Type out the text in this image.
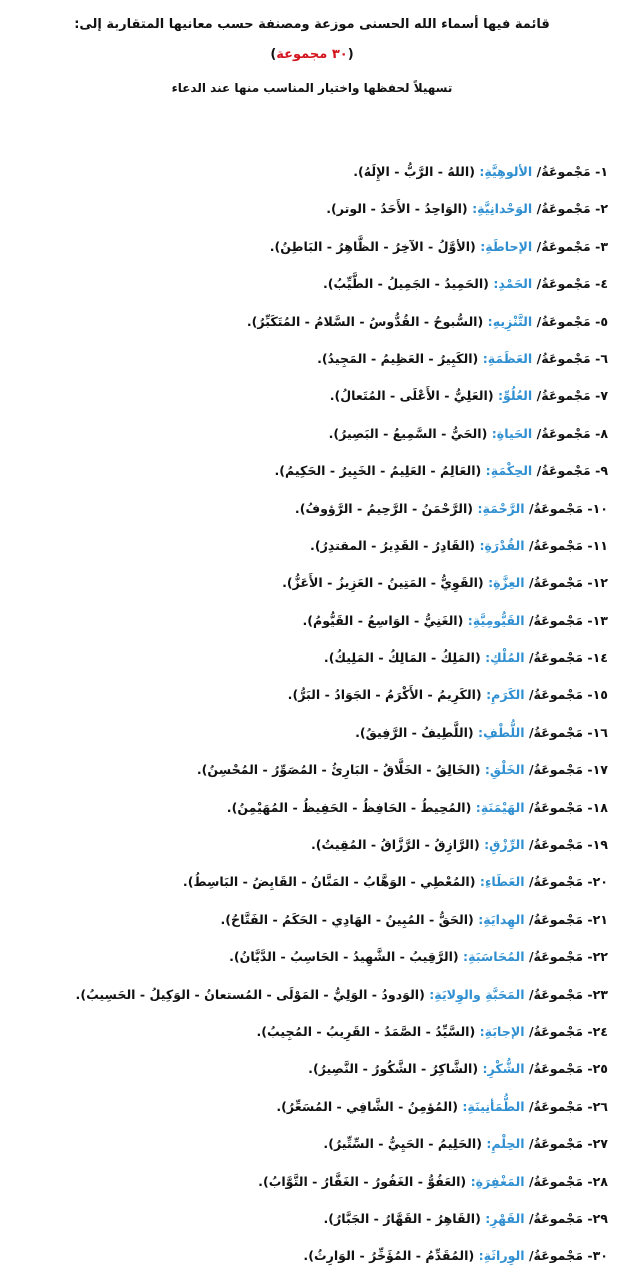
قائمة فيها أسماء الله الحسنى موزعة ومصنفة حسب معانيها المتقاربة إلى:

(٣٠ مجموعة)

تسهيلاً لحفظها واختيار المناسب منها عند الدعاء

١- مَجْموعَةُ/ الألوهِيَّةِ: (اللهُ - الرَّبُّ - الإِلَهُ).
٢- مَجْموعَةُ/ الوَحْدانِيَّةِ: (الوَاحِدُ - الأَحَدُ - الوتر).
٣- مَجْموعَةُ/ الإحاطَةِ: (الأوَّلُ - الآخِرُ - الظَّاهِرُ - البَاطِنُ).
٤- مَجْموعَةُ/ الحَمْدِ: (الحَمِيدُ - الجَمِيلُ - الطَّيِّبُ).
٥- مَجْموعَةُ/ التَّنْزِيهِ: (السُّبوحُ - القُدُّوسُ - السَّلامُ - المُتَكَبِّرُ).
٦- مَجْموعَةُ/ العَظَمَةِ: (الكَبِيرُ - العَظِيمُ - المَجِيدُ).
٧- مَجْموعَةُ/ العُلُوِّ: (العَلِيُّ - الأَعْلَى - المُتَعالُ).
٨- مَجْموعَةُ/ الحَياةِ: (الحَيُّ - السَّمِيعُ - البَصِيرُ).
٩- مَجْموعَةُ/ الحِكْمَةِ: (العَالِمُ - العَلِيمُ - الخَبِيرُ - الحَكِيمُ).
١٠- مَجْموعَةُ/ الرَّحْمَةِ: (الرَّحْمَنُ - الرَّحِيمُ - الرَّؤوفُ).
١١- مَجْموعَةُ/ القُدْرَةِ: (القَادِرُ - القَدِيرُ - المقتدِرُ).
١٢- مَجْموعَةُ/ العِزَّةِ: (القَوِيُّ - المَتِينُ - العَزِيزُ - الأَعَزُّ).
١٣- مَجْموعَةُ/ القَيُّومِيَّةِ: (الغَنِيُّ - الوَاسِعُ - القَيُّومُ).
١٤- مَجْموعَةُ/ المُلْكِ: (المَلِكُ - المَالِكُ - المَلِيكُ).
١٥- مَجْموعَةُ/ الكَرَمِ: (الكَرِيمُ - الأَكْرَمُ - الجَوَادُ - البَرُّ).
١٦- مَجْموعَةُ/ اللُّطْفِ: (اللَّطِيفُ - الرَّفِيقُ).
١٧- مَجْموعَةُ/ الخَلْقِ: (الخَالِقُ - الخَلَّاقُ - البَارِئُ - المُصَوِّرُ - المُحْسِنُ).
١٨- مَجْموعَةُ/ الهَيْمَنَةِ: (المُحِيطُ - الحَافِظُ - الحَفِيظُ - المُهَيْمِنُ).
١٩- مَجْموعَةُ/ الرِّزْقِ: (الرَّازِقُ - الرَّزَّاقُ - المُقِيتُ).
٢٠- مَجْموعَةُ/ العَطَاءِ: (المُعْطِي - الوَهَّابُ - المَنَّانُ - القَابِضُ - البَاسِطُ).
٢١- مَجْموعَةُ/ الهِدايَةِ: (الحَقُّ - المُبِينُ - الهَادِي - الحَكَمُ - الفَتَّاحُ).
٢٢- مَجْموعَةُ/ المُحَاسَبَةِ: (الرَّقِيبُ - الشَّهِيدُ - الحَاسِبُ - الدَّيَّانُ).
٢٣- مَجْموعَةُ/ المَحَبَّةِ والوِلايَةِ: (الوَدودُ - الوَلِيُّ - المَوْلَى - المُستعانُ - الوَكِيلُ - الحَسِيبُ).
٢٤- مَجْموعَةُ/ الإجابَةِ: (السَّيِّدُ - الصَّمَدُ - القَرِيبُ - المُجِيبُ).
٢٥- مَجْموعَةُ/ الشُّكْرِ: (الشَّاكِرُ - الشَّكُورُ - النَّصِيرُ).
٢٦- مَجْموعَةُ/ الطُّمَأنِينَةِ: (المُؤمِنُ - الشَّافِي - المُسَعِّرُ).
٢٧- مَجْموعَةُ/ الحِلْمِ: (الحَلِيمُ - الحَيِيُّ - السِّتِّيرُ).
٢٨- مَجْموعَةُ/ المَغْفِرَةِ: (العَفُوُّ - الغَفُورُ - الغَفَّارُ - التَّوَّابُ).
٢٩- مَجْموعَةُ/ القَهْرِ: (القَاهِرُ - القَهَّارُ - الجَبَّارُ).
٣٠- مَجْموعَةُ/ الوِراثَةِ: (المُقَدِّمُ - المُؤَخِّرُ - الوَارِثُ).
